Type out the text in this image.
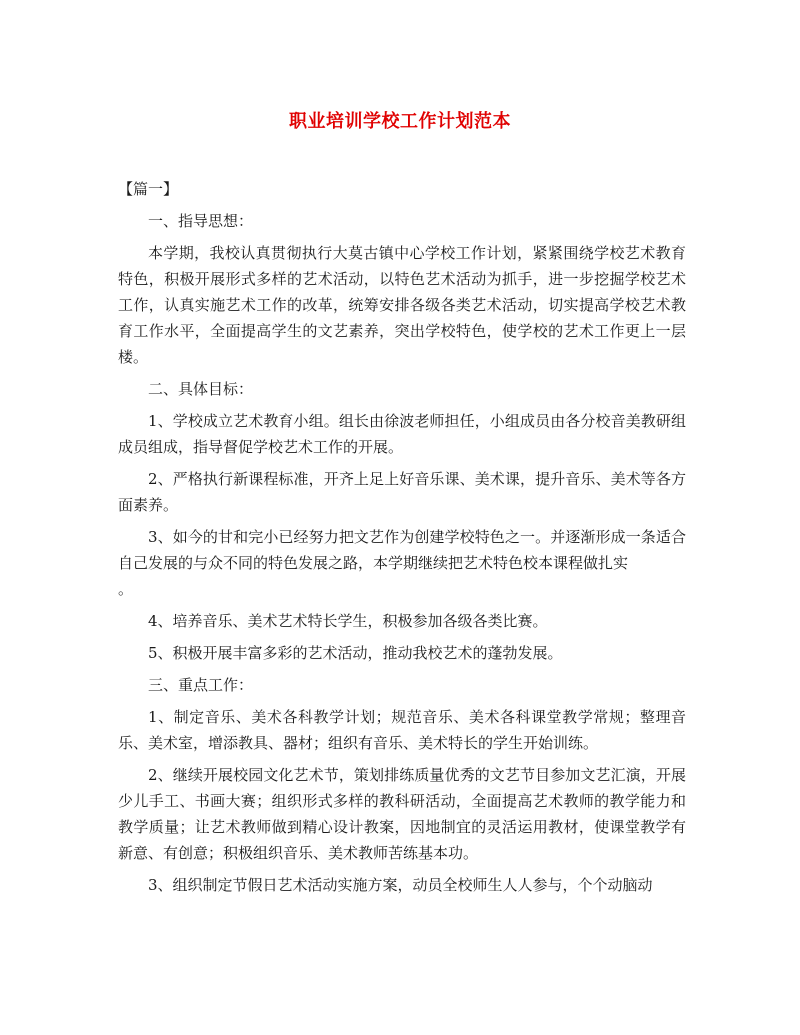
职业培训学校工作计划范本

【篇一】

一、指导思想：

本学期，我校认真贯彻执行大莫古镇中心学校工作计划，紧紧围绕学校艺术教育特色，积极开展形式多样的艺术活动，以特色艺术活动为抓手，进一步挖掘学校艺术工作，认真实施艺术工作的改革，统筹安排各级各类艺术活动，切实提高学校艺术教育工作水平，全面提高学生的文艺素养，突出学校特色，使学校的艺术工作更上一层楼。

二、具体目标：

1、学校成立艺术教育小组。组长由徐波老师担任，小组成员由各分校音美教研组成员组成，指导督促学校艺术工作的开展。

2、严格执行新课程标准，开齐上足上好音乐课、美术课，提升音乐、美术等各方面素养。

3、如今的甘和完小已经努力把文艺作为创建学校特色之一。并逐渐形成一条适合自己发展的与众不同的特色发展之路，本学期继续把艺术特色校本课程做扎实

。

4、培养音乐、美术艺术特长学生，积极参加各级各类比赛。

5、积极开展丰富多彩的艺术活动，推动我校艺术的蓬勃发展。

三、重点工作：

1、制定音乐、美术各科教学计划；规范音乐、美术各科课堂教学常规；整理音乐、美术室，增添教具、器材；组织有音乐、美术特长的学生开始训练。

2、继续开展校园文化艺术节，策划排练质量优秀的文艺节目参加文艺汇演，开展少儿手工、书画大赛；组织形式多样的教科研活动，全面提高艺术教师的教学能力和教学质量；让艺术教师做到精心设计教案，因地制宜的灵活运用教材，使课堂教学有新意、有创意；积极组织音乐、美术教师苦练基本功。

3、组织制定节假日艺术活动实施方案，动员全校师生人人参与，个个动脑动
